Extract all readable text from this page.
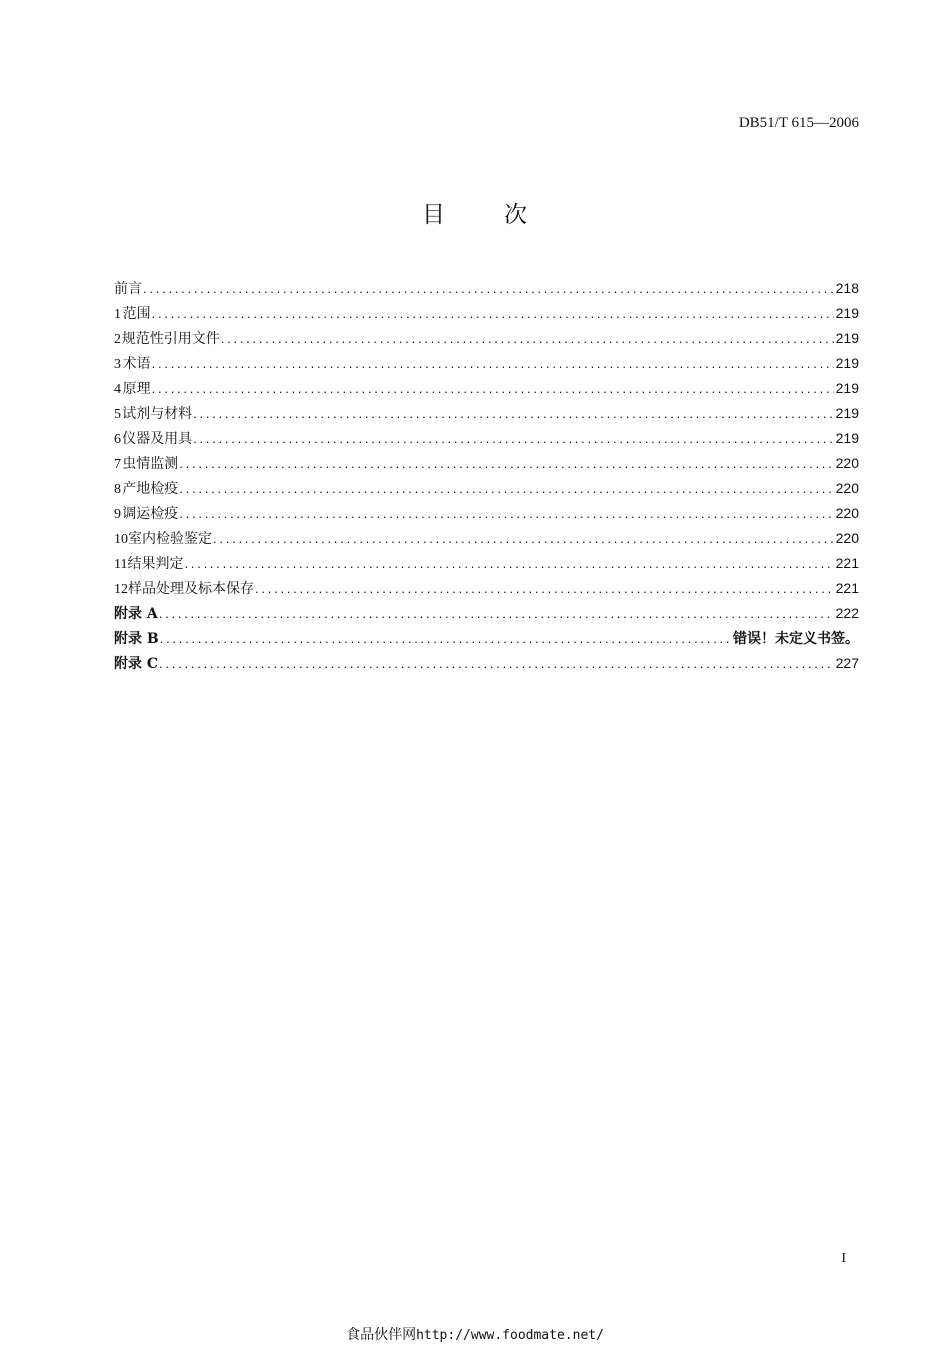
DB51/T 615—2006
目	次
前言 .....	218
1 范围 .....	219
2 规范性引用文件 .....	219
3 术语 .....	219
4 原理 .....	219
5 试剂与材料 .....	219
6 仪器及用具 .....	219
7 虫情监测 .....	220
8 产地检疫 .....	220
9 调运检疫 .....	220
10 室内检验鉴定 .....	220
11 结果判定 .....	221
12 样品处理及标本保存 .....	221
附录 A .....	222
附录 B .....	错误！未定义书签。
附录 C .....	227
I
食品伙伴网http://www.foodmate.net/
